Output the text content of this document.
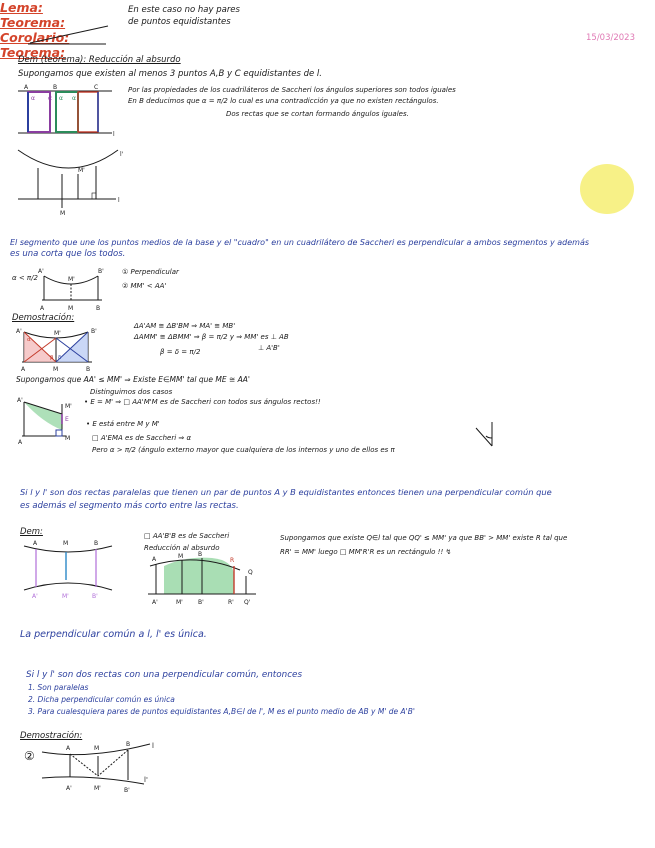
En este caso no hay pares
de puntos equidistantes
15/03/2023
Dem (teorema): Reducción al absurdo
Supongamos que existen al menos 3 puntos A,B y C equidistantes de l.
Por las propiedades de los cuadriláteros de Saccheri los ángulos superiores son todos iguales
En B deducimos que α = π/2 lo cual es una contradicción ya que no existen rectángulos.
Dos rectas que se cortan formando ángulos iguales.
A	B	C
l
α α α α
l'
M'
M
l
Lema:
El segmento que une los puntos medios de la base y el "cuadro" en un cuadrilátero de Saccheri es perpendicular a ambos segmentos y además
es una corta que los todos.
α < π/2
① Perpendicular
② MM' < AA'
A	M	B
A'
M'
B'
Demostración:
ΔA'AM ≅ ΔB'BM ⇒ MA' ≅ MB'
ΔAMM' ≅ ΔBMM' ⇒ β = π/2 y ⇒ MM' es ⊥ AB
β = δ = π/2	⊥ A'B'
A'	M'	B'
A	M	B
α
β δ
Supongamos que AA' ≤ MM' ⇒ Existe E∈MM' tal que ME ≅ AA'
Distinguimos dos casos
• E = M' ⇒ □ AA'M'M es de Saccheri con todos sus ángulos rectos!!
• E está entre M y M'
□ A'EMA es de Saccheri ⇒ α
Pero α > π/2 (ángulo externo mayor que cualquiera de los internos y uno de ellos es π
A'
E
M
A
M'
Teorema:
Si l y l' son dos rectas paralelas que tienen un par de puntos A y B equidistantes entonces tienen una perpendicular común que
es además el segmento más corto entre las rectas.
Dem:
A	M	B
A'	M'	B'
□ AA'B'B es de Saccheri
Reducción al absurdo
A	M B
R
Q
A'	M'	B'	R' Q'
Supongamos que existe Q∈l tal que QQ' ≤ MM' ya que BB' > MM' existe R tal que
RR' = MM' luego □ MM'R'R es un rectángulo !! ↯
Corolario:
La perpendicular común a l, l' es única.
Teorema:
Si l y l' son dos rectas con una perpendicular común, entonces
1. Son paralelas
2. Dicha perpendicular común es única
3. Para cualesquiera pares de puntos equidistantes A,B∈l de l', M es el punto medio de AB y M' de A'B'
Demostración:
②
A	M
B	l
A'	M'	B'
l'
